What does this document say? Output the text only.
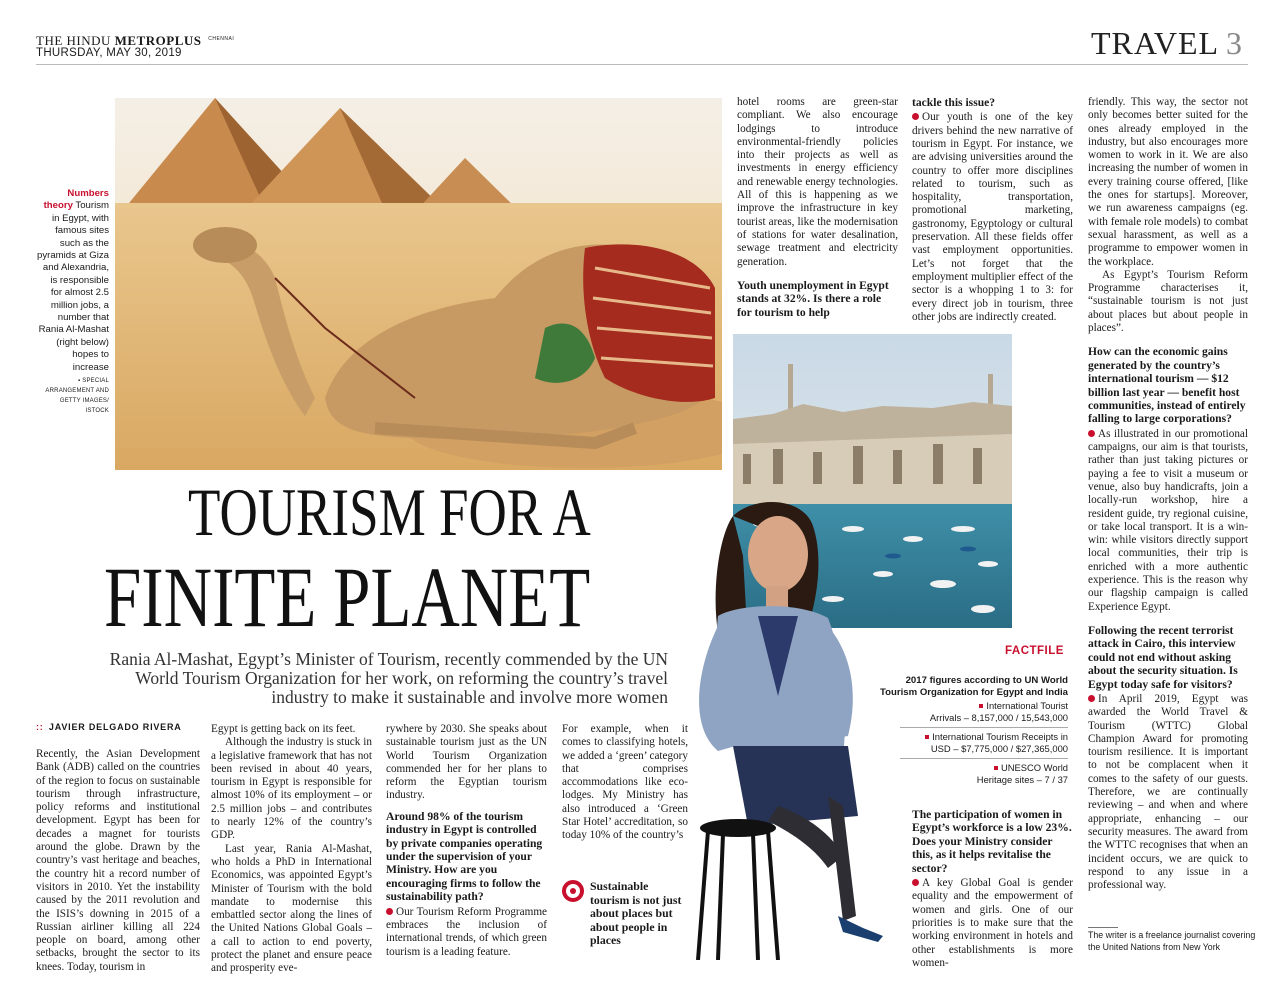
THE HINDU METROPLUS $^{CHENNAI}$
THURSDAY, MAY 30, 2019	TRAVEL 3
Numbers theory Tourism in Egypt, with famous sites such as the pyramids at Giza and Alexandria, is responsible for almost 2.5 million jobs, a number that Rania Al-Mashat (right below) hopes to increase
▪ SPECIAL ARRANGEMENT AND GETTY IMAGES/ ISTOCK
TOURISM FOR A
FINITE PLANET
Rania Al-Mashat, Egypt’s Minister of Tourism, recently commended by the UN World Tourism Organization for her work, on reforming the country’s travel industry to make it sustainable and involve more women
:: JAVIER DELGADO RIVERA

Recently, the Asian Development Bank (ADB) called on the countries of the region to focus on sustainable tourism through infrastructure, policy reforms and institutional development. Egypt has been for decades a magnet for tourists around the globe. Drawn by the country’s vast heritage and beaches, the country hit a record number of visitors in 2010. Yet the instability caused by the 2011 revolution and the ISIS’s downing in 2015 of a Russian airliner killing all 224 people on board, among other setbacks, brought the sector to its knees. Today, tourism in

Egypt is getting back on its feet.

Although the industry is stuck in a legislative framework that has not been revised in about 40 years, tourism in Egypt is responsible for almost 10% of its employment – or 2.5 million jobs – and contributes to nearly 12% of the country’s GDP.

Last year, Rania Al-Mashat, who holds a PhD in International Economics, was appointed Egypt’s Minister of Tourism with the bold mandate to modernise this embattled sector along the lines of the United Nations Global Goals – a call to action to end poverty, protect the planet and ensure peace and prosperity eve-

rywhere by 2030. She speaks about sustainable tourism just as the UN World Tourism Organization commended her for her plans to reform the Egyptian tourism industry.

Around 98% of the tourism industry in Egypt is controlled by private companies operating under the supervision of your Ministry. How are you encouraging firms to follow the sustainability path?

Our Tourism Reform Programme embraces the inclusion of international trends, of which green tourism is a leading feature.

For example, when it comes to classifying hotels, we added a ‘green’ category that comprises accommodations like eco-lodges. My Ministry has also introduced a ‘Green Star Hotel’ accreditation, so today 10% of the country’s

Sustainable tourism is not just about places but about people in places

hotel rooms are green-star compliant. We also encourage lodgings to introduce environmental-friendly policies into their projects as well as investments in energy efficiency and renewable energy technologies. All of this is happening as we improve the infrastructure in key tourist areas, like the modernisation of stations for water desalination, sewage treatment and electricity generation.

Youth unemployment in Egypt stands at 32%. Is there a role for tourism to help
tackle this issue?

Our youth is one of the key drivers behind the new narrative of tourism in Egypt. For instance, we are advising universities around the country to offer more disciplines related to tourism, such as hospitality, transportation, promotional marketing, gastronomy, Egyptology or cultural preservation. All these fields offer vast employment opportunities. Let’s not forget that the employment multiplier effect of the sector is a whopping 1 to 3: for every direct job in tourism, three other jobs are indirectly created.

FACTFILE
2017 figures according to UN World Tourism Organization for Egypt and India
International Tourist
Arrivals – 8,157,000 / 15,543,000
International Tourism Receipts in
USD – $7,775,000 / $27,365,000
UNESCO World
Heritage sites – 7 / 37
The participation of women in Egypt’s workforce is a low 23%. Does your Ministry consider this, as it helps revitalise the sector?

A key Global Goal is gender equality and the empowerment of women and girls. One of our priorities is to make sure that the working environment in hotels and other establishments is more women-

friendly. This way, the sector not only becomes better suited for the ones already employed in the industry, but also encourages more women to work in it. We are also increasing the number of women in every training course offered, [like the ones for startups]. Moreover, we run awareness campaigns (eg. with female role models) to combat sexual harassment, as well as a programme to empower women in the workplace.

As Egypt’s Tourism Reform Programme characterises it, “sustainable tourism is not just about places but about people in places”.

How can the economic gains generated by the country’s international tourism — $12 billion last year — benefit host communities, instead of entirely falling to large corporations?

As illustrated in our promotional campaigns, our aim is that tourists, rather than just taking pictures or paying a fee to visit a museum or venue, also buy handicrafts, join a locally-run workshop, hire a resident guide, try regional cuisine, or take local transport. It is a win-win: while visitors directly support local communities, their trip is enriched with a more authentic experience. This is the reason why our flagship campaign is called Experience Egypt.

Following the recent terrorist attack in Cairo, this interview could not end without asking about the security situation. Is Egypt today safe for visitors?

In April 2019, Egypt was awarded the World Travel & Tourism (WTTC) Global Champion Award for promoting tourism resilience. It is important to not be complacent when it comes to the safety of our guests. Therefore, we are continually reviewing – and when and where appropriate, enhancing – our security measures. The award from the WTTC recognises that when an incident occurs, we are quick to respond to any issue in a professional way.

The writer is a freelance journalist covering the United Nations from New York
